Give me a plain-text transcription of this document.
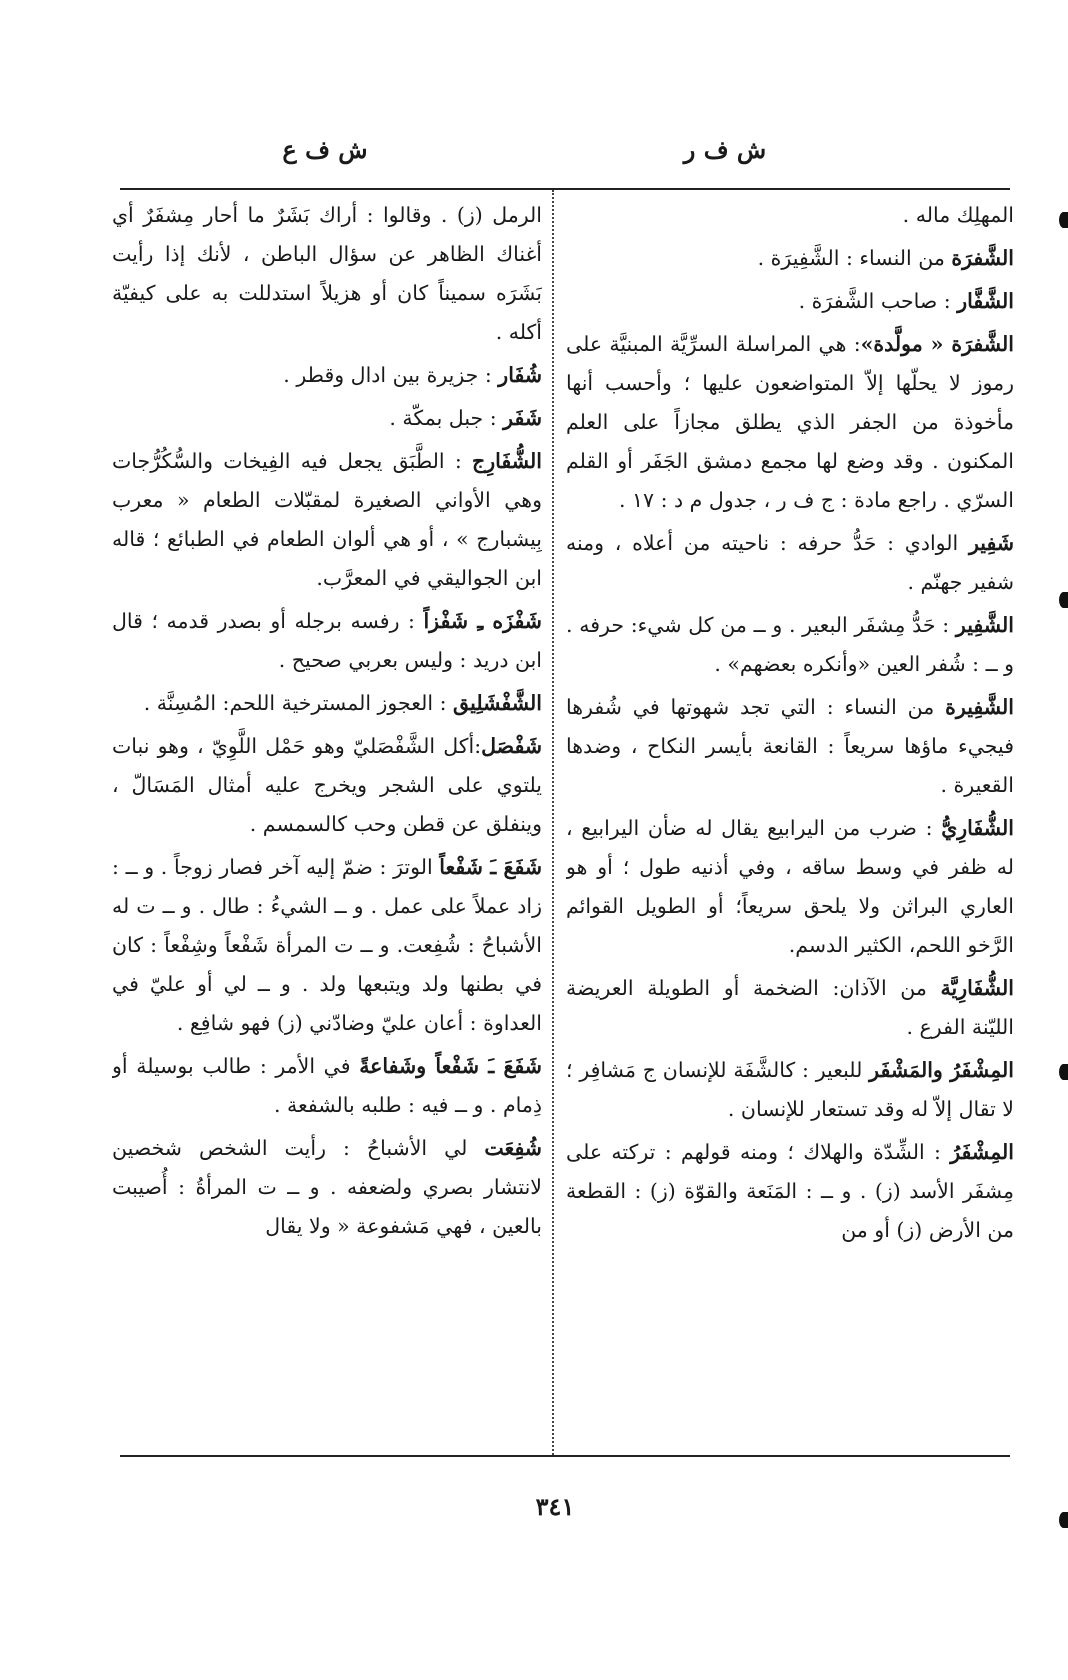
ش ف ر
ش ف ع

المهلِك ماله .

الشَّفرَة من النساء : الشَّفِيرَة .

الشَّفَّار : صاحب الشَّفرَة .

الشَّفرَة « مولَّدة»: هي المراسلة السرِّيَّة المبنيَّة على رموز لا يحلّها إلاّ المتواضعون عليها ؛ وأحسب أنها مأخوذة من الجفر الذي يطلق مجازاً على العلم المكنون . وقد وضع لها مجمع دمشق الجَفَر أو القلم السرّي . راجع مادة : ج ف ر ، جدول م د : ١٧ .

شَفِير الوادي : حَدُّ حرفه : ناحيته من أعلاه ، ومنه شفير جهنّم .

الشَّفِير : حَدُّ مِشفَر البعير . و ــ من كل شيء: حرفه . و ــ : شُفر العين «وأنكره بعضهم» .

الشَّفِيرة من النساء : التي تجد شهوتها في شُفرها فيجيء ماؤها سريعاً : القانعة بأيسر النكاح ، وضدها القعيرة .

الشُّفَارِيُّ : ضرب من اليرابيع يقال له ضأن اليرابيع ، له ظفر في وسط ساقه ، وفي أذنيه طول ؛ أو هو العاري البراثن ولا يلحق سريعاً؛ أو الطويل القوائم الرَّخو اللحم، الكثير الدسم.

الشُّفَارِيَّة من الآذان: الضخمة أو الطويلة العريضة الليّنة الفرع .

المِشْفَرُ والمَشْفَر للبعير : كالشَّفَة للإنسان ج مَشافِر ؛ لا تقال إلاّ له وقد تستعار للإنسان .

المِشْفَرُ : الشِّدّة والهلاك ؛ ومنه قولهم : تركته على مِشفَر الأسد (ز) . و ــ : المَنَعة والقوّة (ز) : القطعة من الأرض (ز) أو من

الرمل (ز) . وقالوا : أراك بَشَرٌ ما أحار مِشفَرٌ أي أغناك الظاهر عن سؤال الباطن ، لأنك إذا رأيت بَشَرَه سميناً كان أو هزيلاً استدللت به على كيفيّة أكله .

شُفَار : جزيرة بين ادال وقطر .

شَفَر : جبل بمكّة .

الشُّفَارِج : الطَّبَق يجعل فيه الفِيخات والسُّكُرُّجات وهي الأواني الصغيرة لمقبّلات الطعام « معرب بِيشبارج » ، أو هي ألوان الطعام في الطبائع ؛ قاله ابن الجواليقي في المعرَّب.

شَفْزَه ـِ شَفْزاً : رفسه برجله أو بصدر قدمه ؛ قال ابن دريد : وليس بعربي صحيح .

الشَّفْشَلِيق : العجوز المسترخية اللحم: المُسِنَّة .

شَفْصَل:أكل الشَّفْصَليّ وهو حَمْل اللَّوِيّ ، وهو نبات يلتوي على الشجر ويخرج عليه أمثال المَسَالّ ، وينفلق عن قطن وحب كالسمسم .

شَفَعَ ـَ شَفْعاً الوترَ : ضمّ إليه آخر فصار زوجاً . و ــ : زاد عملاً على عمل . و ــ الشيءُ : طال . و ــ ت له الأشباحُ : شُفِعت. و ــ ت المرأة شَفْعاً وشِفْعاً : كان في بطنها ولد ويتبعها ولد . و ــ لي أو عليّ في العداوة : أعان عليّ وضادّني (ز) فهو شافِع .

شَفَعَ ـَ شَفْعاً وشَفاعةً في الأمر : طالب بوسيلة أو ذِمام . و ــ فيه : طلبه بالشفعة .

شُفِعَت لي الأشباحُ : رأيت الشخص شخصين لانتشار بصري ولضعفه . و ــ ت المرأةُ : أُصيبت بالعين ، فهي مَشفوعة « ولا يقال

٣٤١
